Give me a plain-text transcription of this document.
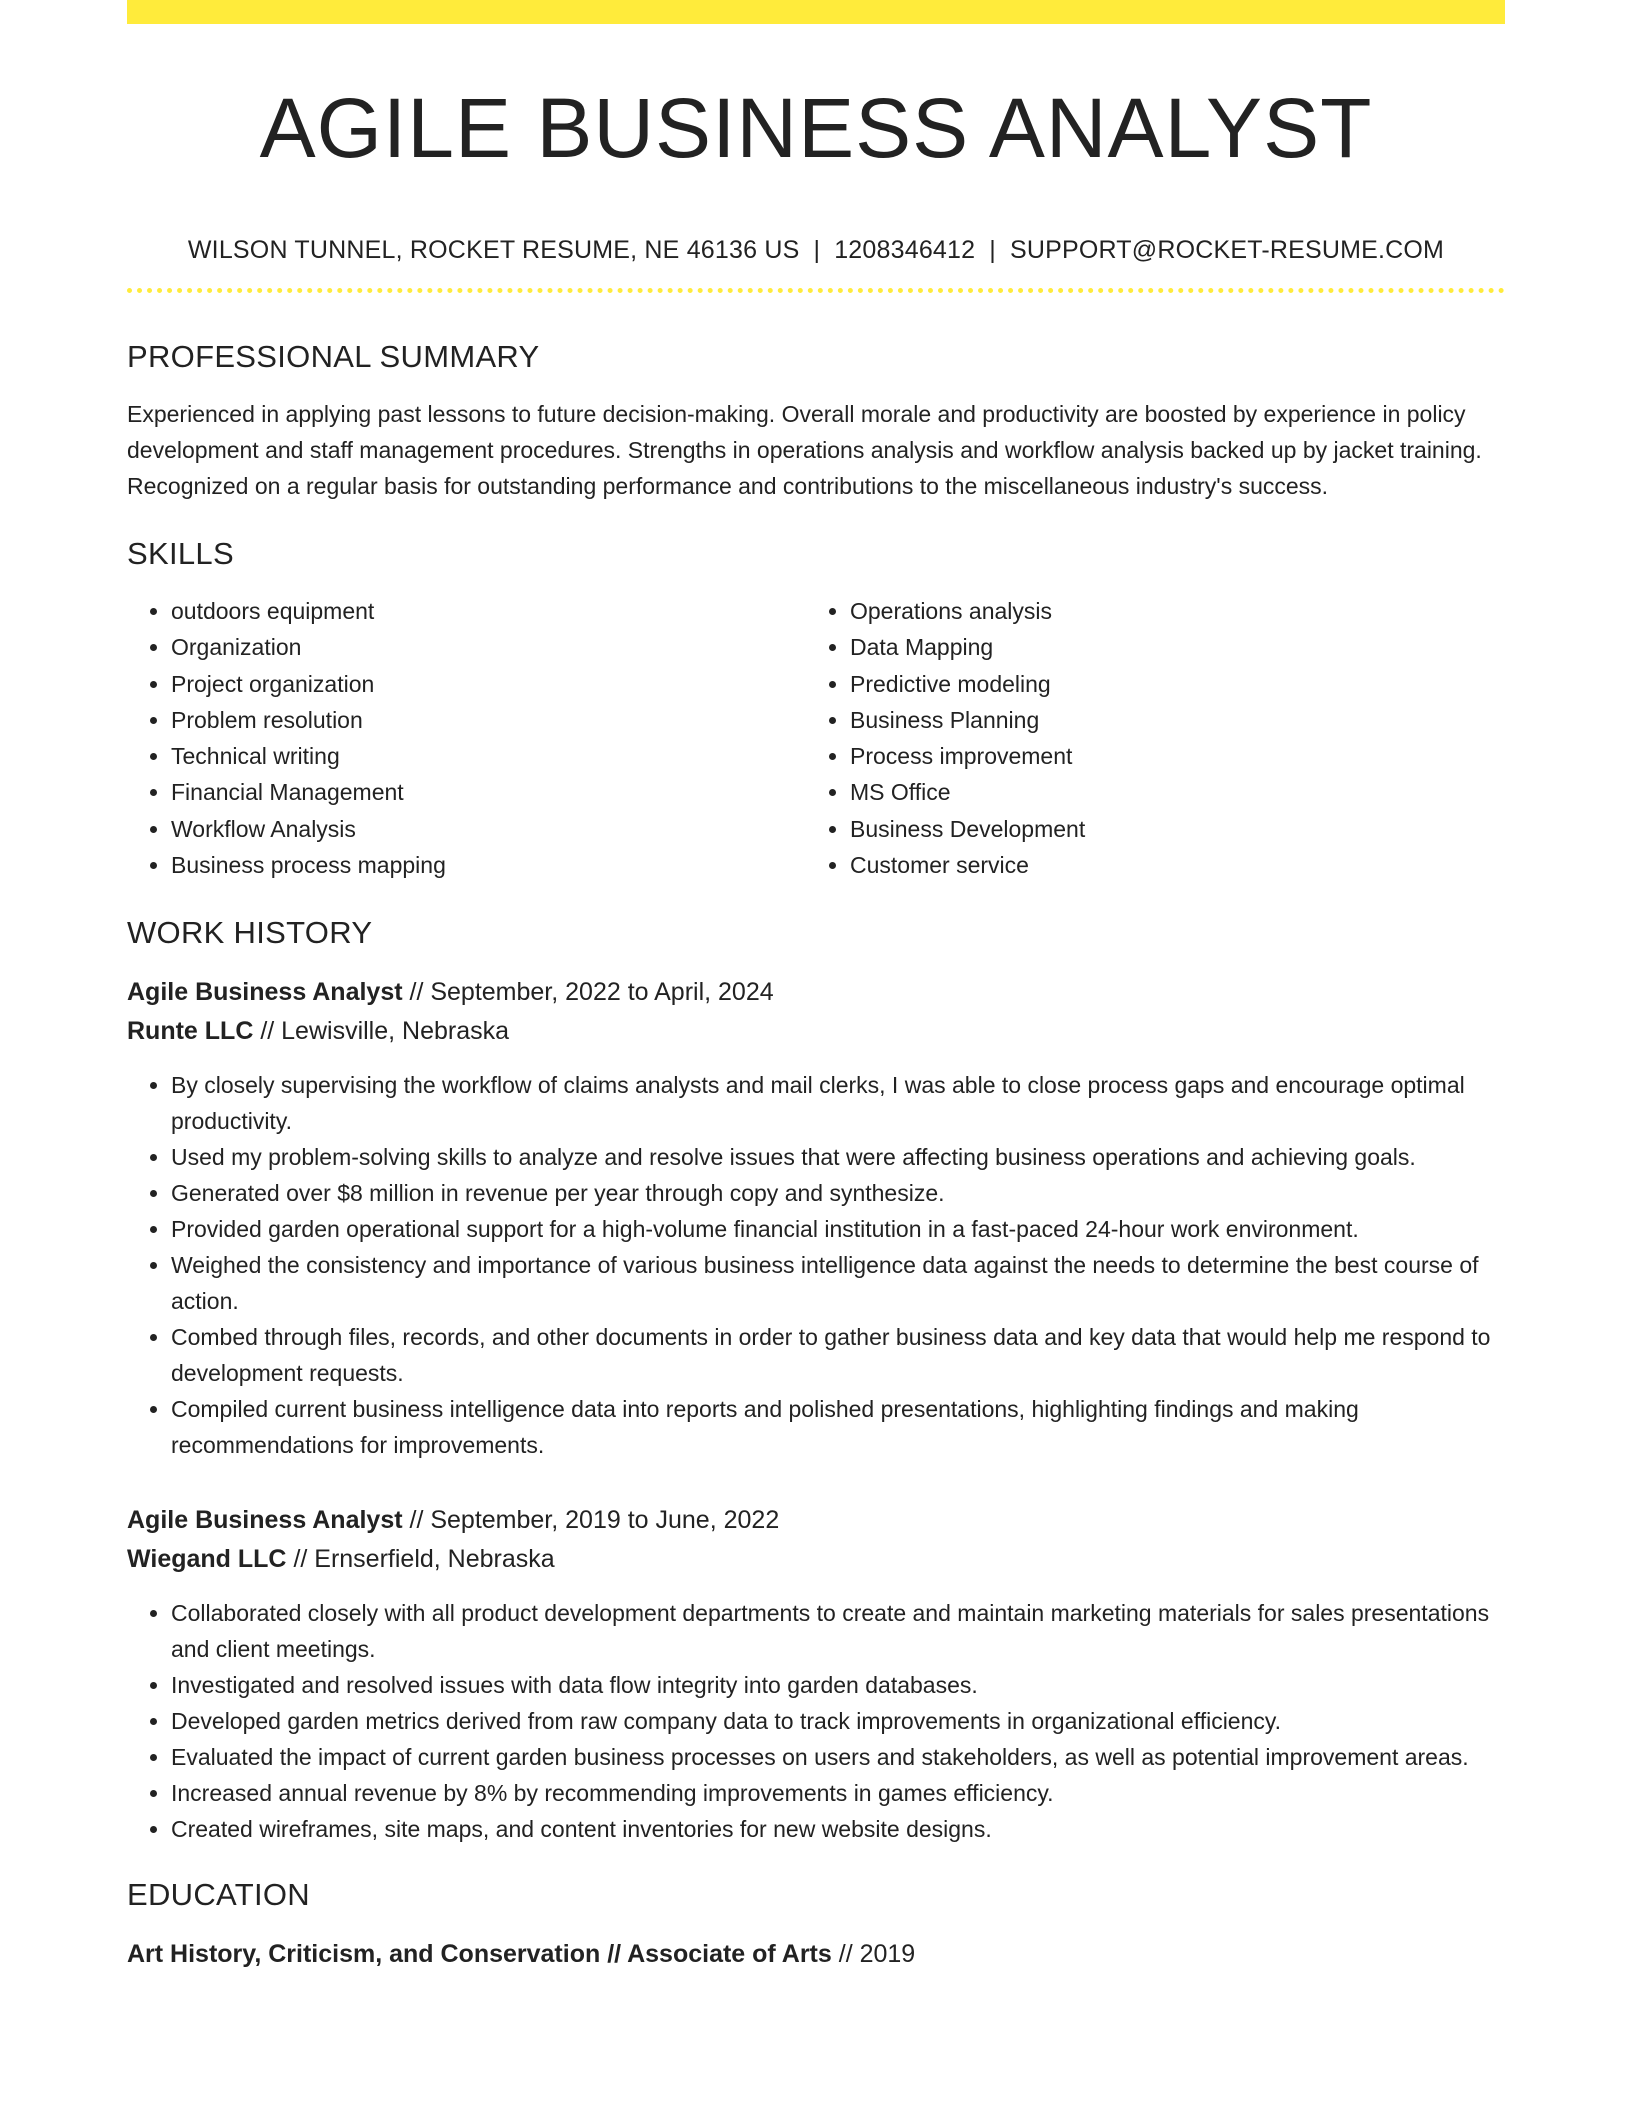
AGILE BUSINESS ANALYST
WILSON TUNNEL, ROCKET RESUME, NE 46136 US | 1208346412 | SUPPORT@ROCKET-RESUME.COM
PROFESSIONAL SUMMARY
Experienced in applying past lessons to future decision-making. Overall morale and productivity are boosted by experience in policy development and staff management procedures. Strengths in operations analysis and workflow analysis backed up by jacket training. Recognized on a regular basis for outstanding performance and contributions to the miscellaneous industry's success.
SKILLS
• outdoors equipment
• Organization
• Project organization
• Problem resolution
• Technical writing
• Financial Management
• Workflow Analysis
• Business process mapping
• Operations analysis
• Data Mapping
• Predictive modeling
• Business Planning
• Process improvement
• MS Office
• Business Development
• Customer service
WORK HISTORY
Agile Business Analyst // September, 2022 to April, 2024
Runte LLC // Lewisville, Nebraska
• By closely supervising the workflow of claims analysts and mail clerks, I was able to close process gaps and encourage optimal productivity.
• Used my problem-solving skills to analyze and resolve issues that were affecting business operations and achieving goals.
• Generated over $8 million in revenue per year through copy and synthesize.
• Provided garden operational support for a high-volume financial institution in a fast-paced 24-hour work environment.
• Weighed the consistency and importance of various business intelligence data against the needs to determine the best course of action.
• Combed through files, records, and other documents in order to gather business data and key data that would help me respond to development requests.
• Compiled current business intelligence data into reports and polished presentations, highlighting findings and making recommendations for improvements.
Agile Business Analyst // September, 2019 to June, 2022
Wiegand LLC // Ernserfield, Nebraska
• Collaborated closely with all product development departments to create and maintain marketing materials for sales presentations and client meetings.
• Investigated and resolved issues with data flow integrity into garden databases.
• Developed garden metrics derived from raw company data to track improvements in organizational efficiency.
• Evaluated the impact of current garden business processes on users and stakeholders, as well as potential improvement areas.
• Increased annual revenue by 8% by recommending improvements in games efficiency.
• Created wireframes, site maps, and content inventories for new website designs.
EDUCATION
Art History, Criticism, and Conservation // Associate of Arts // 2019
